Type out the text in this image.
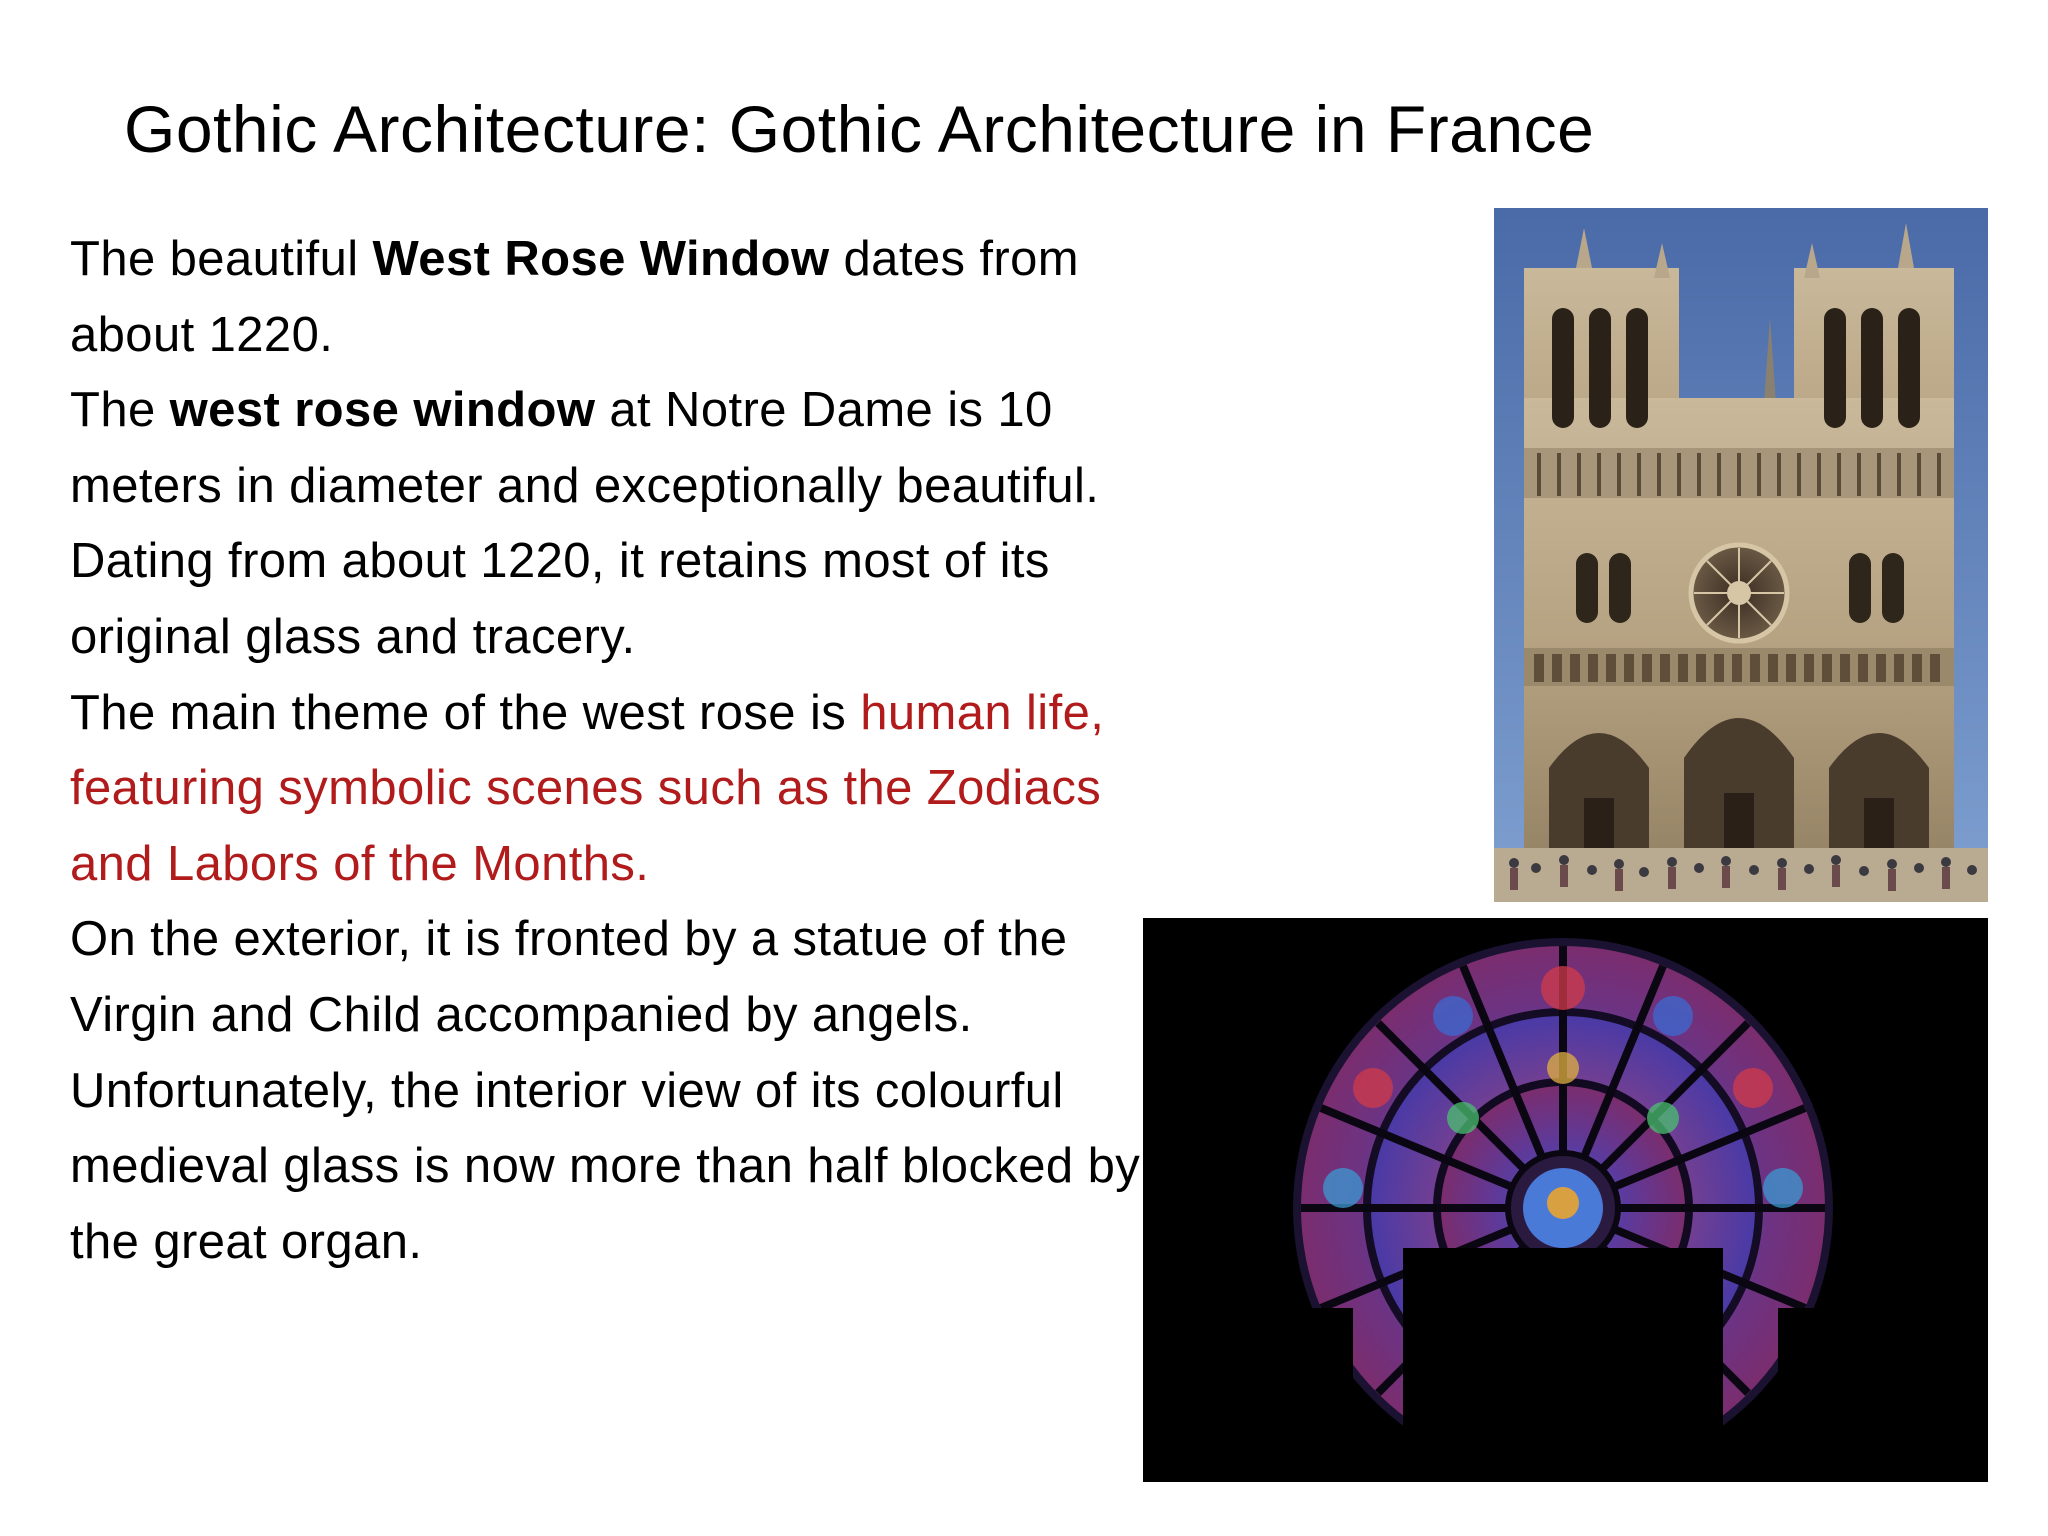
Gothic Architecture: Gothic Architecture in France

The beautiful West Rose Window dates from about 1220.

The west rose window at Notre Dame is 10 meters in diameter and exceptionally beautiful.

Dating from about 1220, it retains most of its original glass and tracery.

The main theme of the west rose is human life, featuring symbolic scenes such as the Zodiacs and Labors of the Months.

On the exterior, it is fronted by a statue of the Virgin and Child accompanied by angels.

Unfortunately, the interior view of its colourful medieval glass is now more than half blocked by the great organ.
